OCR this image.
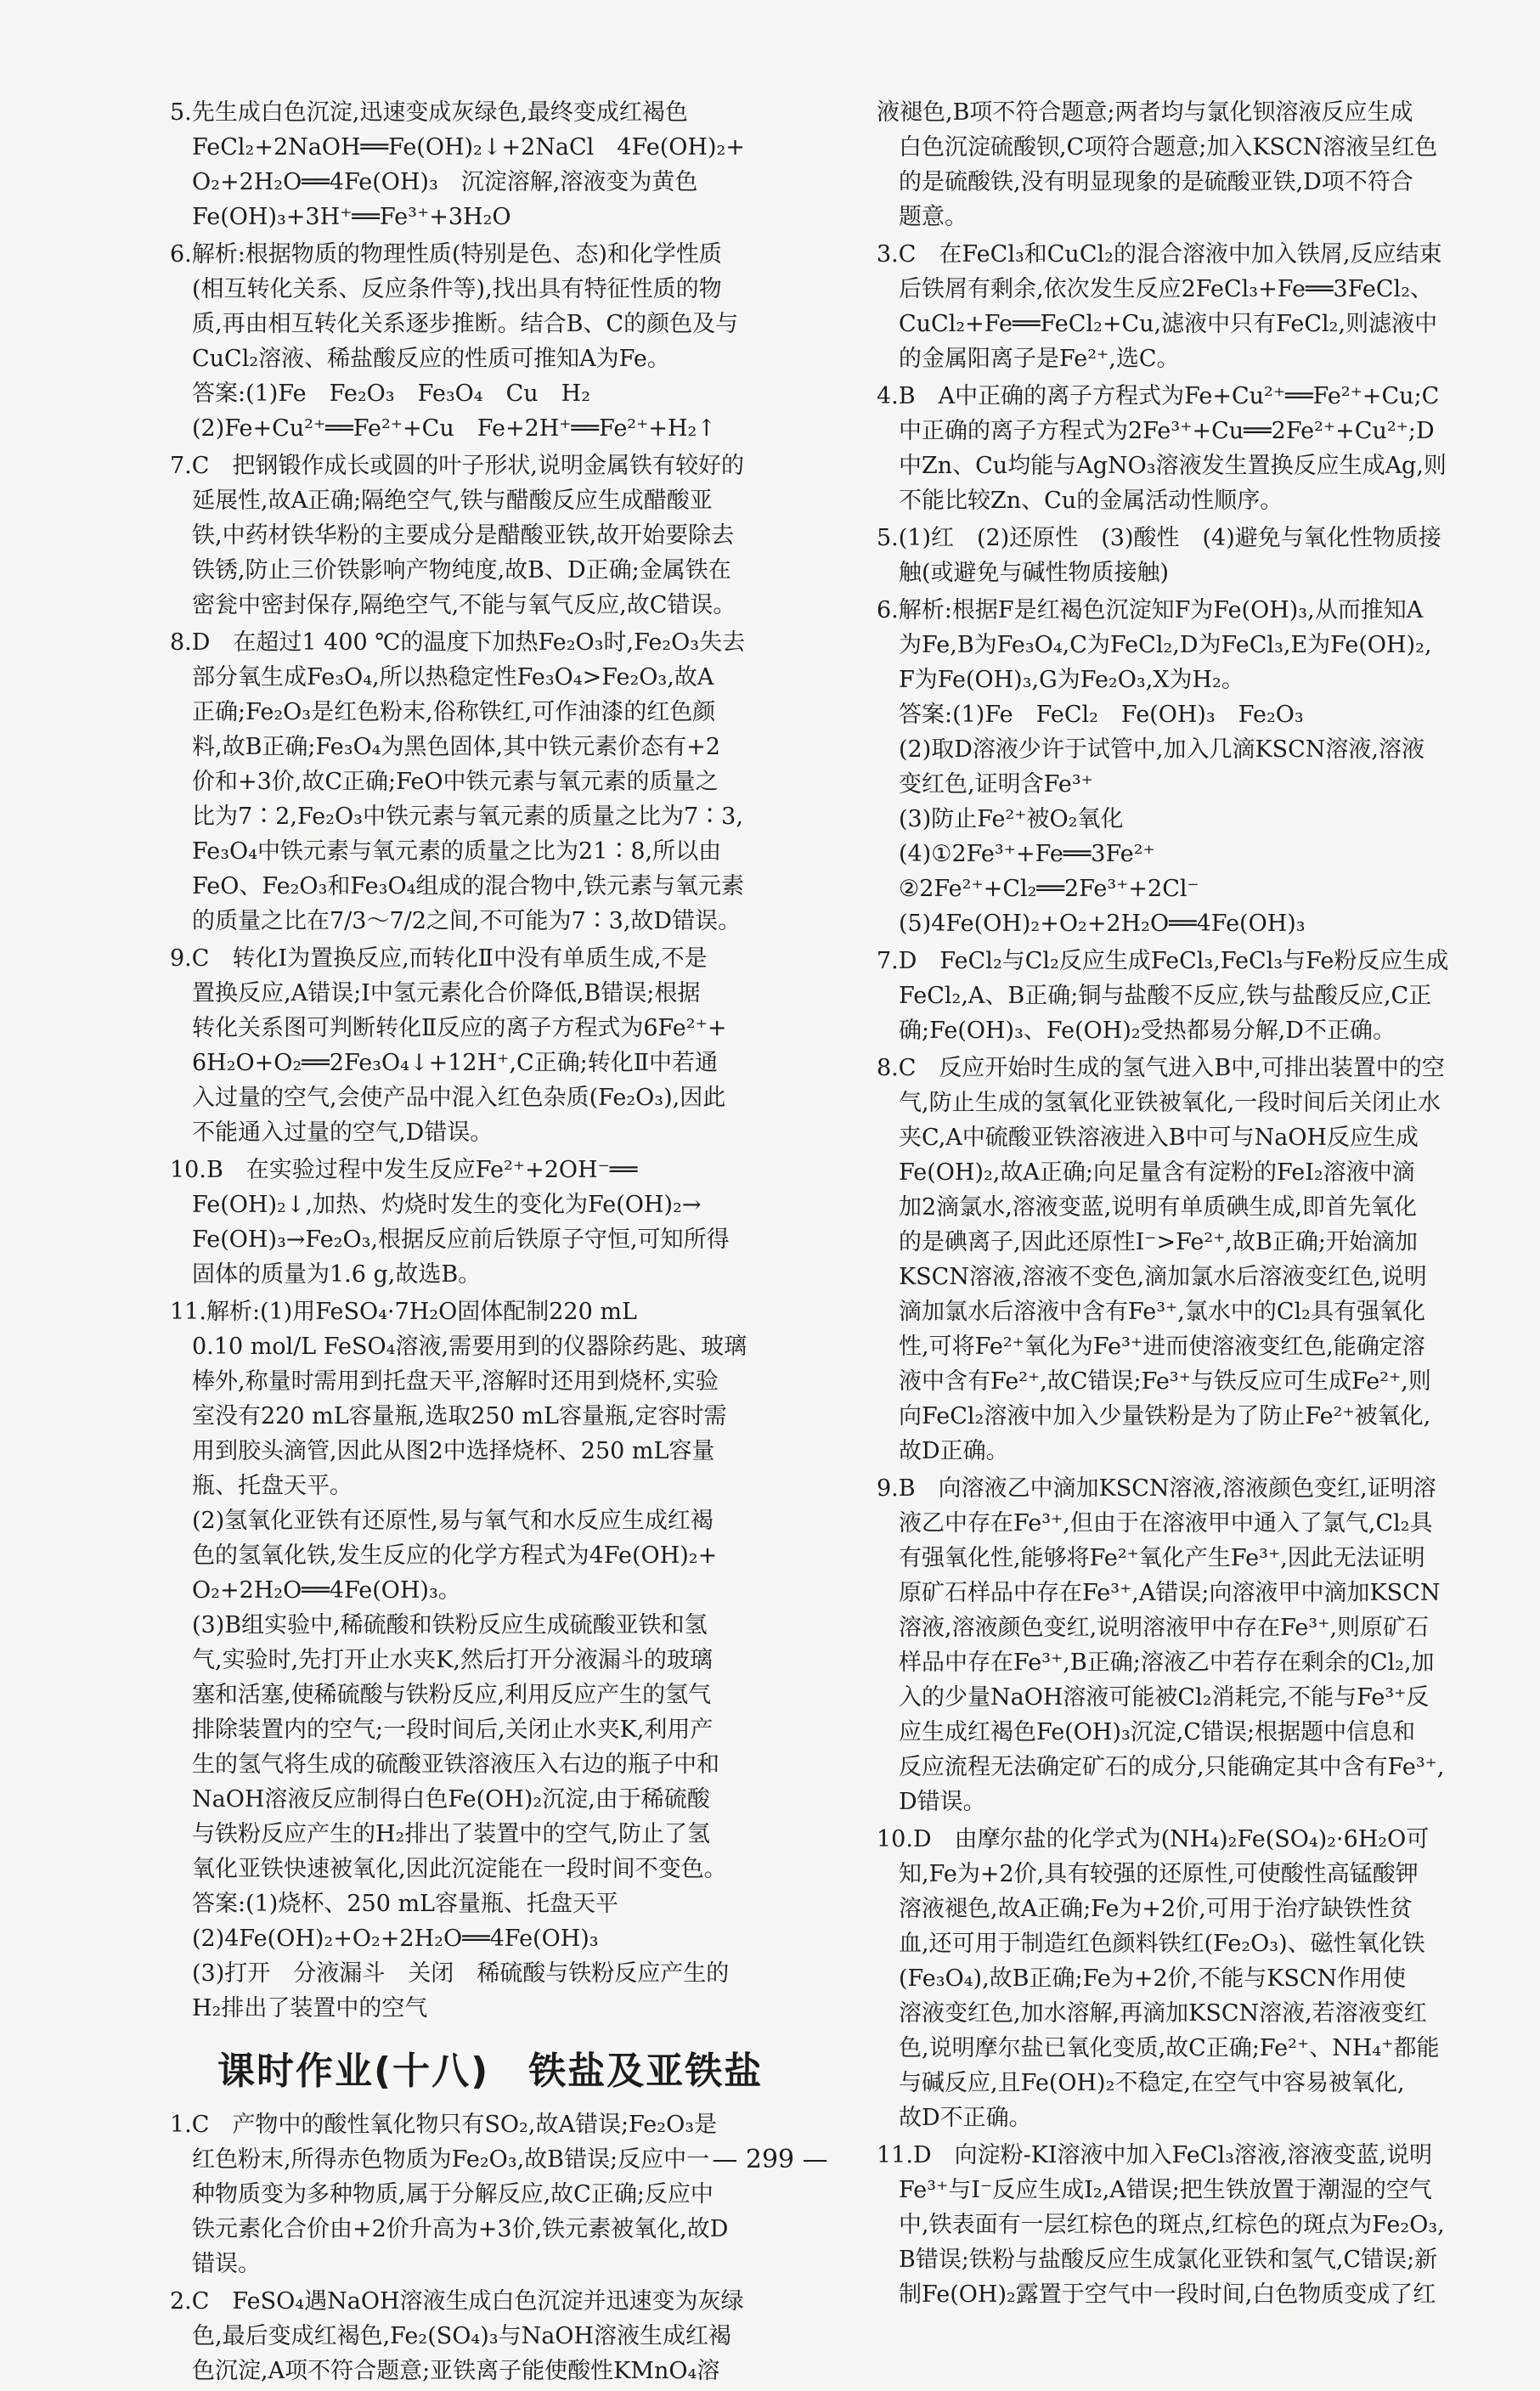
5.先生成白色沉淀,迅速变成灰绿色,最终变成红褐色
FeCl₂+2NaOH══Fe(OH)₂↓+2NaCl　4Fe(OH)₂+
O₂+2H₂O══4Fe(OH)₃　沉淀溶解,溶液变为黄色
Fe(OH)₃+3H⁺══Fe³⁺+3H₂O
6.解析:根据物质的物理性质(特别是色、态)和化学性质
(相互转化关系、反应条件等),找出具有特征性质的物
质,再由相互转化关系逐步推断。结合B、C的颜色及与
CuCl₂溶液、稀盐酸反应的性质可推知A为Fe。
答案:(1)Fe　Fe₂O₃　Fe₃O₄　Cu　H₂
(2)Fe+Cu²⁺══Fe²⁺+Cu　Fe+2H⁺══Fe²⁺+H₂↑
7.C　把钢锻作成长或圆的叶子形状,说明金属铁有较好的
延展性,故A正确;隔绝空气,铁与醋酸反应生成醋酸亚
铁,中药材铁华粉的主要成分是醋酸亚铁,故开始要除去
铁锈,防止三价铁影响产物纯度,故B、D正确;金属铁在
密瓮中密封保存,隔绝空气,不能与氧气反应,故C错误。
8.D　在超过1 400 ℃的温度下加热Fe₂O₃时,Fe₂O₃失去
部分氧生成Fe₃O₄,所以热稳定性Fe₃O₄>Fe₂O₃,故A
正确;Fe₂O₃是红色粉末,俗称铁红,可作油漆的红色颜
料,故B正确;Fe₃O₄为黑色固体,其中铁元素价态有+2
价和+3价,故C正确;FeO中铁元素与氧元素的质量之
比为7∶2,Fe₂O₃中铁元素与氧元素的质量之比为7∶3,
Fe₃O₄中铁元素与氧元素的质量之比为21∶8,所以由
FeO、Fe₂O₃和Fe₃O₄组成的混合物中,铁元素与氧元素
的质量之比在7/3～7/2之间,不可能为7∶3,故D错误。
9.C　转化Ⅰ为置换反应,而转化Ⅱ中没有单质生成,不是
置换反应,A错误;Ⅰ中氢元素化合价降低,B错误;根据
转化关系图可判断转化Ⅱ反应的离子方程式为6Fe²⁺+
6H₂O+O₂══2Fe₃O₄↓+12H⁺,C正确;转化Ⅱ中若通
入过量的空气,会使产品中混入红色杂质(Fe₂O₃),因此
不能通入过量的空气,D错误。
10.B　在实验过程中发生反应Fe²⁺+2OH⁻══
Fe(OH)₂↓,加热、灼烧时发生的变化为Fe(OH)₂→
Fe(OH)₃→Fe₂O₃,根据反应前后铁原子守恒,可知所得
固体的质量为1.6 g,故选B。
11.解析:(1)用FeSO₄·7H₂O固体配制220 mL
0.10 mol/L FeSO₄溶液,需要用到的仪器除药匙、玻璃
棒外,称量时需用到托盘天平,溶解时还用到烧杯,实验
室没有220 mL容量瓶,选取250 mL容量瓶,定容时需
用到胶头滴管,因此从图2中选择烧杯、250 mL容量
瓶、托盘天平。
(2)氢氧化亚铁有还原性,易与氧气和水反应生成红褐
色的氢氧化铁,发生反应的化学方程式为4Fe(OH)₂+
O₂+2H₂O══4Fe(OH)₃。
(3)B组实验中,稀硫酸和铁粉反应生成硫酸亚铁和氢
气,实验时,先打开止水夹K,然后打开分液漏斗的玻璃
塞和活塞,使稀硫酸与铁粉反应,利用反应产生的氢气
排除装置内的空气;一段时间后,关闭止水夹K,利用产
生的氢气将生成的硫酸亚铁溶液压入右边的瓶子中和
NaOH溶液反应制得白色Fe(OH)₂沉淀,由于稀硫酸
与铁粉反应产生的H₂排出了装置中的空气,防止了氢
氧化亚铁快速被氧化,因此沉淀能在一段时间不变色。
答案:(1)烧杯、250 mL容量瓶、托盘天平
(2)4Fe(OH)₂+O₂+2H₂O══4Fe(OH)₃
(3)打开　分液漏斗　关闭　稀硫酸与铁粉反应产生的
H₂排出了装置中的空气
课时作业(十八)　铁盐及亚铁盐
1.C　产物中的酸性氧化物只有SO₂,故A错误;Fe₂O₃是
红色粉末,所得赤色物质为Fe₂O₃,故B错误;反应中一
种物质变为多种物质,属于分解反应,故C正确;反应中
铁元素化合价由+2价升高为+3价,铁元素被氧化,故D
错误。
2.C　FeSO₄遇NaOH溶液生成白色沉淀并迅速变为灰绿
色,最后变成红褐色,Fe₂(SO₄)₃与NaOH溶液生成红褐
色沉淀,A项不符合题意;亚铁离子能使酸性KMnO₄溶
液褪色,B项不符合题意;两者均与氯化钡溶液反应生成
白色沉淀硫酸钡,C项符合题意;加入KSCN溶液呈红色
的是硫酸铁,没有明显现象的是硫酸亚铁,D项不符合
题意。
3.C　在FeCl₃和CuCl₂的混合溶液中加入铁屑,反应结束
后铁屑有剩余,依次发生反应2FeCl₃+Fe══3FeCl₂、
CuCl₂+Fe══FeCl₂+Cu,滤液中只有FeCl₂,则滤液中
的金属阳离子是Fe²⁺,选C。
4.B　A中正确的离子方程式为Fe+Cu²⁺══Fe²⁺+Cu;C
中正确的离子方程式为2Fe³⁺+Cu══2Fe²⁺+Cu²⁺;D
中Zn、Cu均能与AgNO₃溶液发生置换反应生成Ag,则
不能比较Zn、Cu的金属活动性顺序。
5.(1)红　(2)还原性　(3)酸性　(4)避免与氧化性物质接
触(或避免与碱性物质接触)
6.解析:根据F是红褐色沉淀知F为Fe(OH)₃,从而推知A
为Fe,B为Fe₃O₄,C为FeCl₂,D为FeCl₃,E为Fe(OH)₂,
F为Fe(OH)₃,G为Fe₂O₃,X为H₂。
答案:(1)Fe　FeCl₂　Fe(OH)₃　Fe₂O₃
(2)取D溶液少许于试管中,加入几滴KSCN溶液,溶液
变红色,证明含Fe³⁺
(3)防止Fe²⁺被O₂氧化
(4)①2Fe³⁺+Fe══3Fe²⁺
②2Fe²⁺+Cl₂══2Fe³⁺+2Cl⁻
(5)4Fe(OH)₂+O₂+2H₂O══4Fe(OH)₃
7.D　FeCl₂与Cl₂反应生成FeCl₃,FeCl₃与Fe粉反应生成
FeCl₂,A、B正确;铜与盐酸不反应,铁与盐酸反应,C正
确;Fe(OH)₃、Fe(OH)₂受热都易分解,D不正确。
8.C　反应开始时生成的氢气进入B中,可排出装置中的空
气,防止生成的氢氧化亚铁被氧化,一段时间后关闭止水
夹C,A中硫酸亚铁溶液进入B中可与NaOH反应生成
Fe(OH)₂,故A正确;向足量含有淀粉的FeI₂溶液中滴
加2滴氯水,溶液变蓝,说明有单质碘生成,即首先氧化
的是碘离子,因此还原性I⁻>Fe²⁺,故B正确;开始滴加
KSCN溶液,溶液不变色,滴加氯水后溶液变红色,说明
滴加氯水后溶液中含有Fe³⁺,氯水中的Cl₂具有强氧化
性,可将Fe²⁺氧化为Fe³⁺进而使溶液变红色,能确定溶
液中含有Fe²⁺,故C错误;Fe³⁺与铁反应可生成Fe²⁺,则
向FeCl₂溶液中加入少量铁粉是为了防止Fe²⁺被氧化,
故D正确。
9.B　向溶液乙中滴加KSCN溶液,溶液颜色变红,证明溶
液乙中存在Fe³⁺,但由于在溶液甲中通入了氯气,Cl₂具
有强氧化性,能够将Fe²⁺氧化产生Fe³⁺,因此无法证明
原矿石样品中存在Fe³⁺,A错误;向溶液甲中滴加KSCN
溶液,溶液颜色变红,说明溶液甲中存在Fe³⁺,则原矿石
样品中存在Fe³⁺,B正确;溶液乙中若存在剩余的Cl₂,加
入的少量NaOH溶液可能被Cl₂消耗完,不能与Fe³⁺反
应生成红褐色Fe(OH)₃沉淀,C错误;根据题中信息和
反应流程无法确定矿石的成分,只能确定其中含有Fe³⁺,
D错误。
10.D　由摩尔盐的化学式为(NH₄)₂Fe(SO₄)₂·6H₂O可
知,Fe为+2价,具有较强的还原性,可使酸性高锰酸钾
溶液褪色,故A正确;Fe为+2价,可用于治疗缺铁性贫
血,还可用于制造红色颜料铁红(Fe₂O₃)、磁性氧化铁
(Fe₃O₄),故B正确;Fe为+2价,不能与KSCN作用使
溶液变红色,加水溶解,再滴加KSCN溶液,若溶液变红
色,说明摩尔盐已氧化变质,故C正确;Fe²⁺、NH₄⁺都能
与碱反应,且Fe(OH)₂不稳定,在空气中容易被氧化,
故D不正确。
11.D　向淀粉-KI溶液中加入FeCl₃溶液,溶液变蓝,说明
Fe³⁺与I⁻反应生成I₂,A错误;把生铁放置于潮湿的空气
中,铁表面有一层红棕色的斑点,红棕色的斑点为Fe₂O₃,
B错误;铁粉与盐酸反应生成氯化亚铁和氢气,C错误;新
制Fe(OH)₂露置于空气中一段时间,白色物质变成了红
— 299 —
